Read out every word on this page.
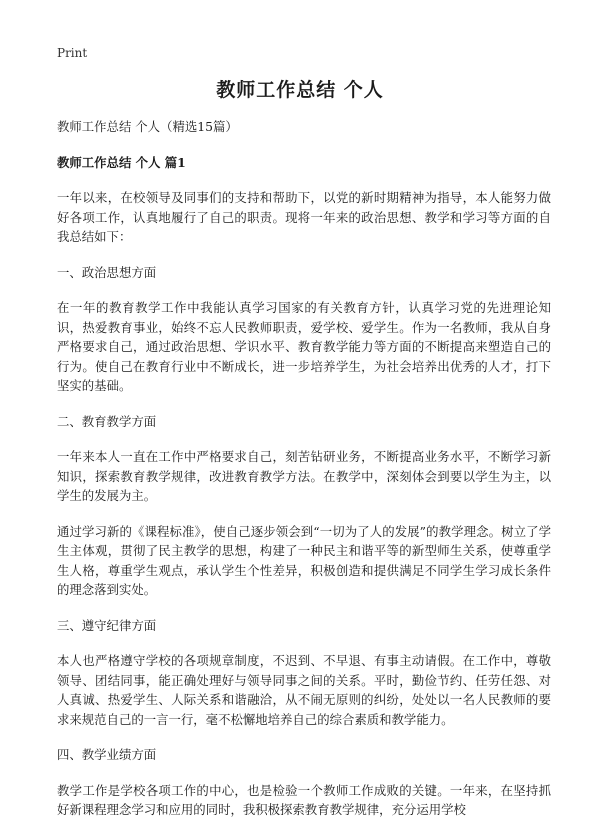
Print
教师工作总结 个人

教师工作总结 个人（精选15篇）

教师工作总结 个人 篇1

一年以来，在校领导及同事们的支持和帮助下，以党的新时期精神为指导，本人能努力做好各项工作，认真地履行了自己的职责。现将一年来的政治思想、教学和学习等方面的自我总结如下：

一、政治思想方面

在一年的教育教学工作中我能认真学习国家的有关教育方针，认真学习党的先进理论知识，热爱教育事业，始终不忘人民教师职责，爱学校、爱学生。作为一名教师，我从自身严格要求自己，通过政治思想、学识水平、教育教学能力等方面的不断提高来塑造自己的行为。使自己在教育行业中不断成长，进一步培养学生，为社会培养出优秀的人才，打下坚实的基础。

二、教育教学方面

一年来本人一直在工作中严格要求自己，刻苦钻研业务，不断提高业务水平，不断学习新知识，探索教育教学规律，改进教育教学方法。在教学中，深刻体会到要以学生为主，以学生的发展为主。

通过学习新的《课程标准》，使自己逐步领会到“一切为了人的发展”的教学理念。树立了学生主体观，贯彻了民主教学的思想，构建了一种民主和谐平等的新型师生关系，使尊重学生人格，尊重学生观点，承认学生个性差异，积极创造和提供满足不同学生学习成长条件的理念落到实处。

三、遵守纪律方面

本人也严格遵守学校的各项规章制度，不迟到、不早退、有事主动请假。在工作中，尊敬领导、团结同事，能正确处理好与领导同事之间的关系。平时，勤俭节约、任劳任怨、对人真诚、热爱学生、人际关系和谐融洽，从不闹无原则的纠纷，处处以一名人民教师的要求来规范自己的一言一行，毫不松懈地培养自己的综合素质和教学能力。

四、教学业绩方面

教学工作是学校各项工作的中心，也是检验一个教师工作成败的关键。一年来，在坚持抓好新课程理念学习和应用的同时，我积极探索教育教学规律，充分运用学校
